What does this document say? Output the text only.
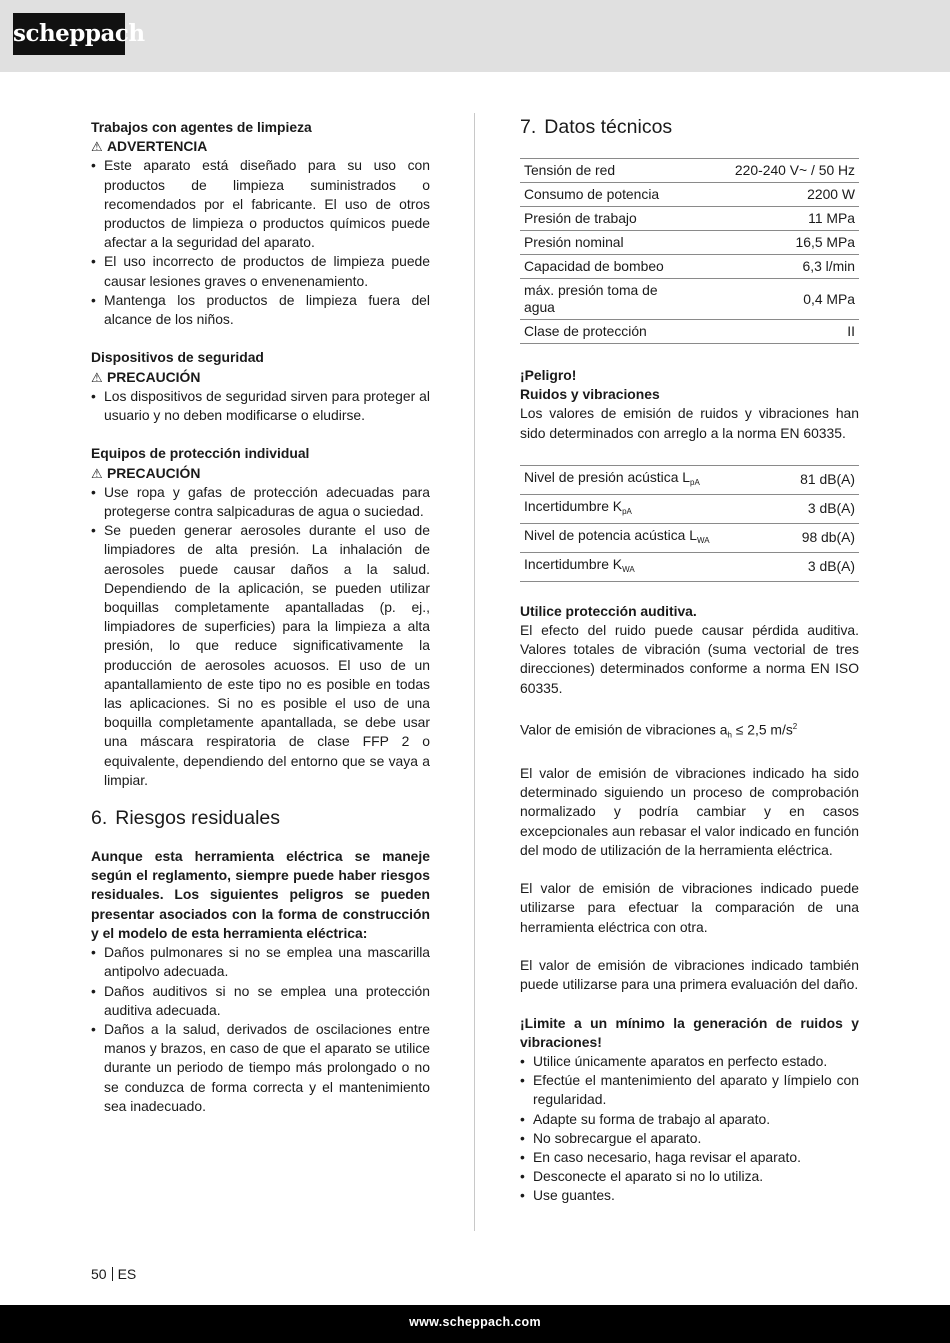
scheppach

Trabajos con agentes de limpieza

⚠ ADVERTENCIA

• Este aparato está diseñado para su uso con productos de limpieza suministrados o recomendados por el fabricante. El uso de otros productos de limpieza o productos químicos puede afectar a la seguridad del aparato.
• El uso incorrecto de productos de limpieza puede causar lesiones graves o envenenamiento.
• Mantenga los productos de limpieza fuera del alcance de los niños.

Dispositivos de seguridad

⚠ PRECAUCIÓN

• Los dispositivos de seguridad sirven para proteger al usuario y no deben modificarse o eludirse.

Equipos de protección individual

⚠ PRECAUCIÓN

• Use ropa y gafas de protección adecuadas para protegerse contra salpicaduras de agua o suciedad.
• Se pueden generar aerosoles durante el uso de limpiadores de alta presión. La inhalación de aerosoles puede causar daños a la salud. Dependiendo de la aplicación, se pueden utilizar boquillas completamente apantalladas (p. ej., limpiadores de superficies) para la limpieza a alta presión, lo que reduce significativamente la producción de aerosoles acuosos. El uso de un apantallamiento de este tipo no es posible en todas las aplicaciones. Si no es posible el uso de una boquilla completamente apantallada, se debe usar una máscara respiratoria de clase FFP 2 o equivalente, dependiendo del entorno que se vaya a limpiar.
6. Riesgos residuales

Aunque esta herramienta eléctrica se maneje según el reglamento, siempre puede haber riesgos residuales. Los siguientes peligros se pueden presentar asociados con la forma de construcción y el modelo de esta herramienta eléctrica:

• Daños pulmonares si no se emplea una mascarilla antipolvo adecuada.
• Daños auditivos si no se emplea una protección auditiva adecuada.
• Daños a la salud, derivados de oscilaciones entre manos y brazos, en caso de que el aparato se utilice durante un periodo de tiempo más prolongado o no se conduzca de forma correcta y el mantenimiento sea inadecuado.
7. Datos técnicos
Tensión de red	220-240 V~ / 50 Hz
Consumo de potencia	2200 W
Presión de trabajo	11 MPa
Presión nominal	16,5 MPa
Capacidad de bombeo	6,3 l/min
máx. presión toma de agua	0,4 MPa
Clase de protección	II

¡Peligro!

Ruidos y vibraciones

Los valores de emisión de ruidos y vibraciones han sido determinados con arreglo a la norma EN 60335.

Nivel de presión acústica $L_{pA}$	81 dB(A)
Incertidumbre $K_{pA}$	3 dB(A)
Nivel de potencia acústica $L_{WA}$	98 db(A)
Incertidumbre $K_{WA}$	3 dB(A)

Utilice protección auditiva.

El efecto del ruido puede causar pérdida auditiva. Valores totales de vibración (suma vectorial de tres direcciones) determinados conforme a norma EN ISO 60335.

Valor de emisión de vibraciones $a_h \le 2,5$ $m/s^2$

El valor de emisión de vibraciones indicado ha sido determinado siguiendo un proceso de comprobación normalizado y podría cambiar y en casos excepcionales aun rebasar el valor indicado en función del modo de utilización de la herramienta eléctrica.

El valor de emisión de vibraciones indicado puede utilizarse para efectuar la comparación de una herramienta eléctrica con otra.

El valor de emisión de vibraciones indicado también puede utilizarse para una primera evaluación del daño.

¡Limite a un mínimo la generación de ruidos y vibraciones!

• Utilice únicamente aparatos en perfecto estado.
• Efectúe el mantenimiento del aparato y límpielo con regularidad.
• Adapte su forma de trabajo al aparato.
• No sobrecargue el aparato.
• En caso necesario, haga revisar el aparato.
• Desconecte el aparato si no lo utiliza.
• Use guantes.
50 ES
www.scheppach.com
